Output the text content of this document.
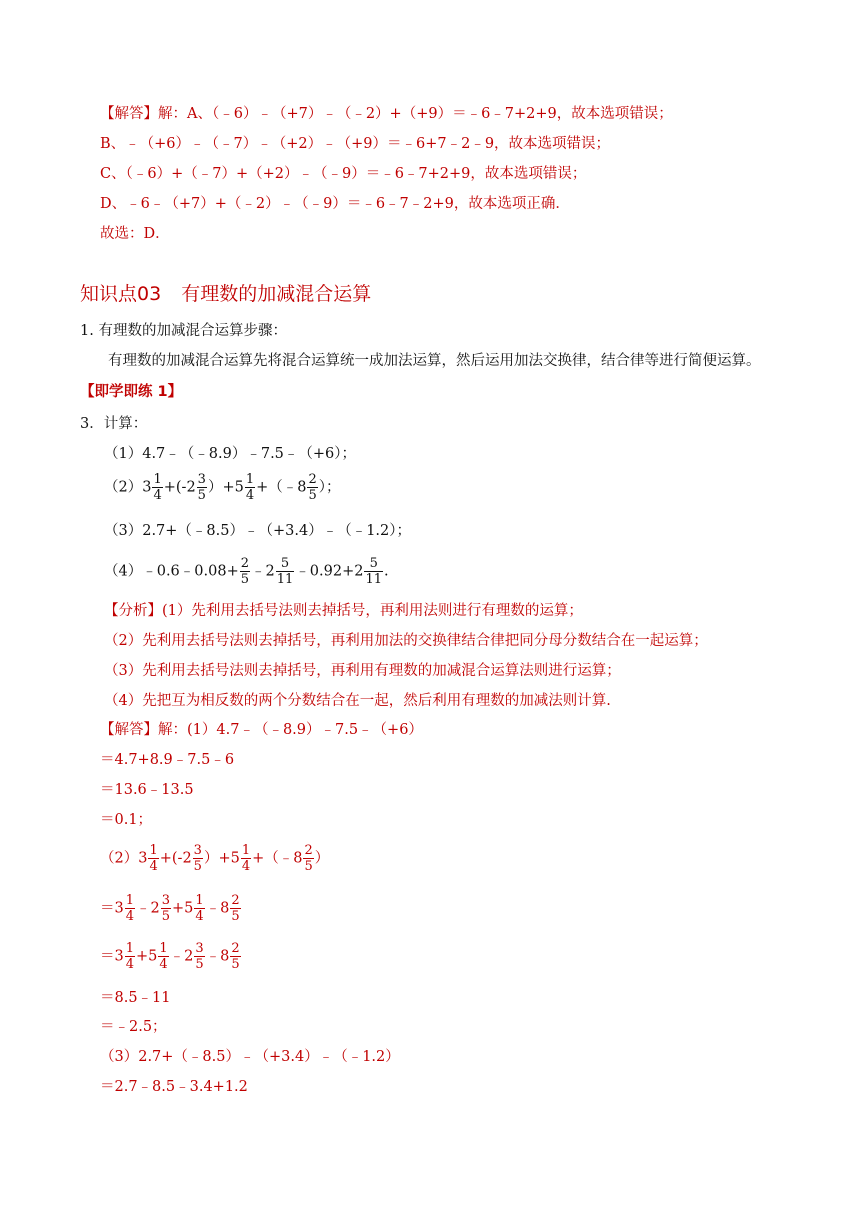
【解答】解：A、（﹣6）﹣（+7）﹣（﹣2）+（+9）＝﹣6﹣7+2+9，故本选项错误；
B、﹣（+6）﹣（﹣7）﹣（+2）﹣（+9）＝﹣6+7﹣2﹣9，故本选项错误；
C、（﹣6）+（﹣7）+（+2）﹣（﹣9）＝﹣6﹣7+2+9，故本选项错误；
D、﹣6﹣（+7）+（﹣2）﹣（﹣9）＝﹣6﹣7﹣2+9，故本选项正确．
故选：D．
知识点03 有理数的加减混合运算
1. 有理数的加减混合运算步骤：
有理数的加减混合运算先将混合运算统一成加法运算，然后运用加法交换律，结合律等进行简便运算。
【即学即练 1】
3．计算：
（1）4.7﹣（﹣8.9）﹣7.5﹣（+6）；
$(2)3 \frac{1}{4} +(-2 \frac{3}{5} )+5 \frac{1}{4}$ +（﹣8 $\frac{2}{5}$ ）；
（3）2.7+（﹣8.5）﹣（+3.4）﹣（﹣1.2）；
（4）﹣0.6﹣0.08+ $\frac{2}{5}$ ﹣2 $\frac{5}{11}$ ﹣0.92+2 $\frac{5}{11}$ .
【分析】(1）先利用去括号法则去掉括号，再利用法则进行有理数的运算；
（2）先利用去括号法则去掉括号，再利用加法的交换律结合律把同分母分数结合在一起运算；
（3）先利用去括号法则去掉括号，再利用有理数的加减混合运算法则进行运算；
（4）先把互为相反数的两个分数结合在一起，然后利用有理数的加减法则计算.
【解答】解：(1）4.7﹣（﹣8.9）﹣7.5﹣（+6）
＝4.7+8.9﹣7.5﹣6
＝13.6﹣13.5
＝0.1；
$(2)3 \frac{1}{4} +(-2 \frac{3}{5} )+5 \frac{1}{4}$ +（﹣8 $\frac{2}{5}$ ）
$=3 \frac{1}{4}$ ﹣2 $\frac{3}{5} +5 \frac{1}{4}$ ﹣8 $\frac{2}{5}$
$=3 \frac{1}{4} +5 \frac{1}{4}$ ﹣2 $\frac{3}{5}$ ﹣8 $\frac{2}{5}$
＝8.5﹣11
＝﹣2.5；
（3）2.7+（﹣8.5）﹣（+3.4）﹣（﹣1.2）
＝2.7﹣8.5﹣3.4+1.2
